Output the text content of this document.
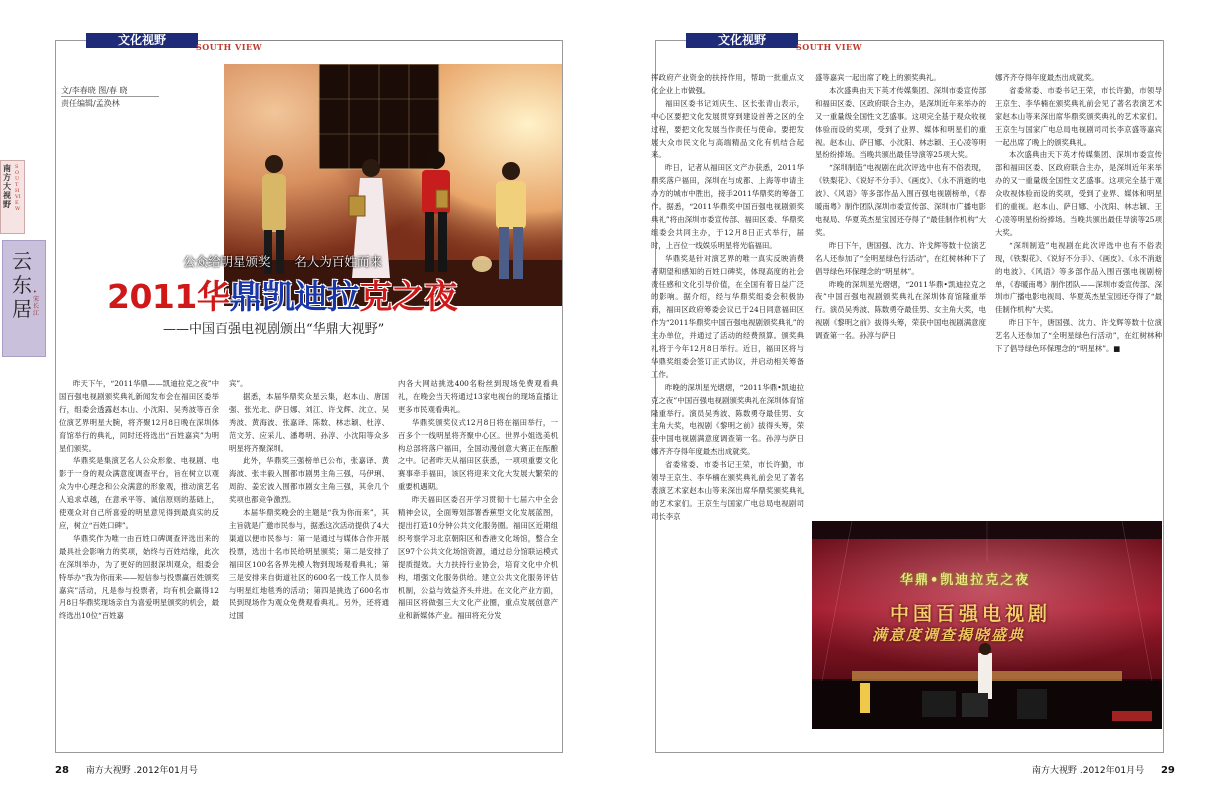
文化视野	SOUTH VIEW
南方大视野
SOUTH VIEW
云东居
•宋长江
文/李春晓 图/春 晓
责任编辑/孟涣林
公众给明星颁奖      名人为百姓而来
2011华鼎凯迪拉克之夜
——中国百强电视剧颁出“华鼎大视野”

昨天下午，“2011华鼎——凯迪拉克之夜”中国百强电视剧颁奖典礼新闻发布会在福田区委举行，组委会透露赵本山、小沈阳、吴秀波等百余位演艺界明星大腕，将齐聚12月8日晚在深圳体育馆举行的典礼，同时还将选出“百姓嘉宾”为明星们颁奖。

华鼎奖是集演艺名人公众形象、电视剧、电影于一身的观众满意度调查平台，旨在树立以观众为中心理念和公众满意的形象观，推动演艺名人追求卓越，在意承平等、诚信原则的基础上，使观众对自己所喜爱的明星意见得到最真实的反应，树立“百姓口碑”。

华鼎奖作为唯一由百姓口碑调查评选出来的最具社会影响力的奖项，始终与百姓结缘，此次在深圳举办，为了更好的回报深圳观众，组委会特举办“我为你而来——短信参与投票赢百姓颁奖嘉宾”活动，凡是参与投票者，均有机会赢得12月8日华鼎奖现场亲自为喜爱明星颁奖的机会，最终选出10位“百姓嘉

宾”。

据悉，本届华鼎奖众星云集，赵本山、唐国强、张光北、萨日娜、刘江、许戈辉、沈立、吴秀波、黄海波、张嘉译、陈数、林志颖、杜淳、范文芳、应采儿、潘粤明、孙淳、小沈阳等众多明星将齐聚深圳。

此外，华鼎奖三强榜单已公布，张嘉译、黄海波、张丰毅入围都市剧男主角三强，马伊琍、周韵、姜宏波入围都市剧女主角三强，其余几个奖项也都竞争激烈。

本届华鼎奖晚会的主题是“我为你而来”，其主旨就是广邀市民参与，据悉这次活动提供了4大渠道以便市民参与：第一是通过与媒体合作开展投票，选出十名市民给明星颁奖；第二是安排了福田区100名各界先模人物到现场观看典礼；第三是安排来自街道社区的600名一线工作人员参与明星红地毯秀的活动；第四是挑选了600名市民到现场作为观众免费观看典礼。另外，还将通过国

内各大网站挑选400名粉丝到现场免费观看典礼，在晚会当天将通过13家电视台的现场直播让更多市民观看典礼。

华鼎奖颁奖仪式12月8日将在福田举行，一百多个一线明星将齐聚中心区。世界小姐选美机构总部将落户福田，全国动漫创意大赛正在酝酿之中。记者昨天从福田区获悉，一项项重要文化赛事牵手福田，该区将迎来文化大发展大繁荣的重要机遇期。

昨天福田区委召开学习贯彻十七届六中全会精神会议，全面筹划部署香蕉型文化发展蓝图，提出打造10分钟公共文化服务圈。福田区近期组织考察学习北京朝阳区和香港文化场馆，整合全区97个公共文化场馆资源，通过总分馆联运模式提质提效。大力扶持行业协会，培育文化中介机构，增强文化服务供给。建立公共文化服务评估机制，公益与效益齐头并进。在文化产业方面，福田区将做强三大文化产业圈，重点发展创意产业和新媒体产业。福田将充分发

28 南方大视野 .2012年01月号
文化视野	SOUTH VIEW

挥政府产业资金的扶持作用，帮助一批重点文化企业上市做强。

福田区委书记刘庆生、区长张青山表示，中心区要把文化发展贯穿到建设首善之区的全过程，要把文化发展当作责任与使命。要把发展大众市民文化与高端精品文化有机结合起来。

昨日，记者从福田区文产办获悉，2011华鼎奖落户福田，深圳在与成都、上海等申请主办方的城市中胜出，接手2011华鼎奖的筹备工作。据悉，“2011华鼎奖中国百强电视剧颁奖典礼”将由深圳市委宣传部、福田区委、华鼎奖组委会共同主办，于12月8日正式举行，届时，上百位一线娱乐明星将光临福田。

华鼎奖是针对演艺界的唯一真实反映消费者期望和感知的百姓口碑奖，体现高度的社会责任感和文化引导价值，在全国有着日益广泛的影响。据介绍，经与华鼎奖组委会积极协商，福田区政府筹委会议已于24日同意福田区作为“2011华鼎奖中国百强电视剧颁奖典礼”的主办单位，并通过了活动的经费预算。颁奖典礼将于今年12月8日举行。近日，福田区将与华鼎奖组委会签订正式协议，并启动相关筹备工作。

昨晚的深圳星光熠熠，“2011华鼎•凯迪拉克之夜”中国百强电视剧颁奖典礼在深圳体育馆隆重举行。演员吴秀波、陈数勇夺最佳男、女主角大奖，电视剧《黎明之前》拔得头筹，荣获中国电视剧满意度调查第一名。孙淳与萨日娜齐齐夺得年度最杰出成就奖。

省委常委、市委书记王荣，市长许勤，市领导王京生、李华楠在颁奖典礼前会见了著名表演艺术家赵本山等来深出席华鼎奖颁奖典礼的艺术家们。王京生与国家广电总局电视剧司司长李京

盛等嘉宾一起出席了晚上的颁奖典礼。

本次盛典由天下英才传媒集团、深圳市委宣传部和福田区委、区政府联合主办，是深圳近年来举办的又一重量级全国性文艺盛事。这项完全基于观众收视体验而设的奖项，受到了业界、媒体和明星们的重视。赵本山、萨日娜、小沈阳、林志颖、王心凌等明星纷纷捧场。当晚共颁出最佳导演等25项大奖。

“深圳制造”电视剧在此次评选中也有不俗表现，《铁梨花》、《说好不分手》、《画皮》、《永不消逝的电波》、《风语》等多部作品入围百强电视剧榜单，《春暖南粤》制作团队深圳市委宣传部、深圳市广播电影电视局、华夏英杰星宝园还夺得了“最佳制作机构”大奖。

昨日下午，唐国强、沈力、许戈辉等数十位演艺名人还参加了“全明星绿色行活动”，在红树林种下了倡导绿色环保理念的“明星林”。

昨晚的深圳星光熠熠，“2011华鼎•凯迪拉克之夜”中国百强电视剧颁奖典礼在深圳体育馆隆重举行。演员吴秀波、陈数勇夺最佳男、女主角大奖，电视剧《黎明之前》拔得头筹，荣获中国电视剧满意度调查第一名。孙淳与萨日

娜齐齐夺得年度最杰出成就奖。

省委常委、市委书记王荣，市长许勤，市领导王京生、李华楠在颁奖典礼前会见了著名表演艺术家赵本山等来深出席华鼎奖颁奖典礼的艺术家们。王京生与国家广电总局电视剧司司长李京盛等嘉宾一起出席了晚上的颁奖典礼。

本次盛典由天下英才传媒集团、深圳市委宣传部和福田区委、区政府联合主办，是深圳近年来举办的又一重量级全国性文艺盛事。这项完全基于观众收视体验而设的奖项，受到了业界、媒体和明星们的重视。赵本山、萨日娜、小沈阳、林志颖、王心凌等明星纷纷捧场。当晚共颁出最佳导演等25项大奖。

“深圳制造”电视剧在此次评选中也有不俗表现，《铁梨花》、《说好不分手》、《画皮》、《永不消逝的电波》、《风语》等多部作品入围百强电视剧榜单，《春暖南粤》制作团队——深圳市委宣传部、深圳市广播电影电视局、华夏英杰星宝园还夺得了“最佳制作机构”大奖。

昨日下午，唐国强、沈力、许戈辉等数十位演艺名人还参加了“全明星绿色行活动”，在红树林种下了倡导绿色环保理念的“明星林”。■

华鼎•凯迪拉克之夜
中国百强电视剧
满意度调查揭晓盛典
南方大视野 .2012年01月号 29
